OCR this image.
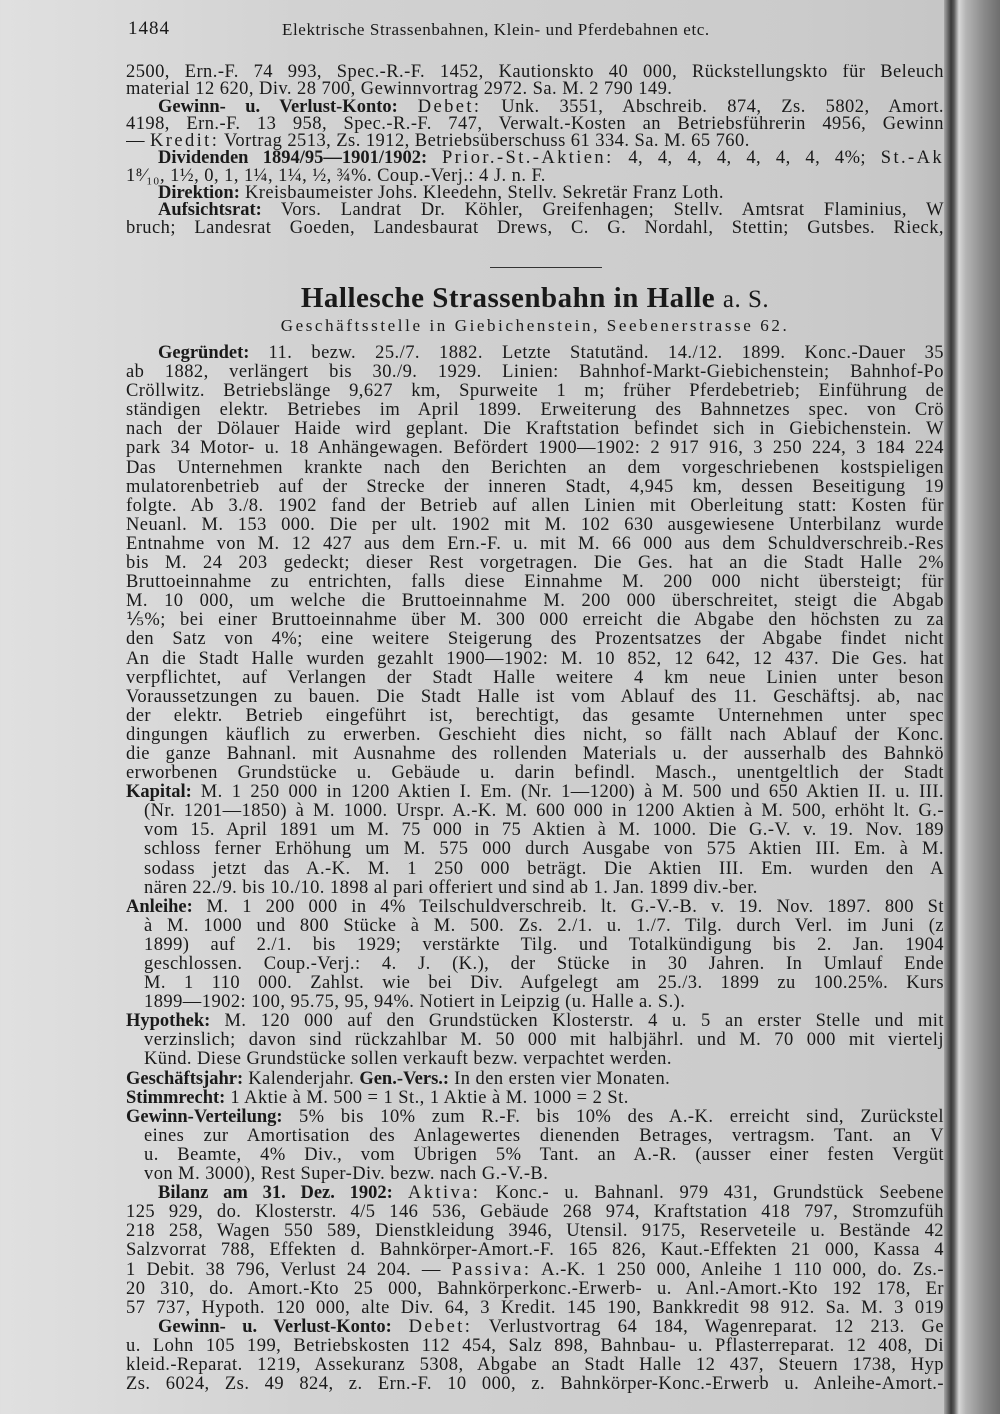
1484	Elektrische Strassenbahnen, Klein- und Pferdebahnen etc.
2500, Ern.-F. 74 993, Spec.-R.-F. 1452, Kautionskto 40 000, Rückstellungskto für Beleuch
material 12 620, Div. 28 700, Gewinnvortrag 2972. Sa. M. 2 790 149.
Gewinn- u. Verlust-Konto: Debet: Unk. 3551, Abschreib. 874, Zs. 5802, Amort.
4198, Ern.-F. 13 958, Spec.-R.-F. 747, Verwalt.-Kosten an Betriebsführerin 4956, Gewinn
— Kredit: Vortrag 2513, Zs. 1912, Betriebsüberschuss 61 334. Sa. M. 65 760.
Dividenden 1894/95—1901/1902: Prior.-St.-Aktien: 4, 4, 4, 4, 4, 4, 4, 4%; St.-Ak
1⁸⁄₁₀, 1½, 0, 1, 1¼, 1¼, ½, ¾%. Coup.-Verj.: 4 J. n. F.
Direktion: Kreisbaumeister Johs. Kleedehn, Stellv. Sekretär Franz Loth.
Aufsichtsrat: Vors. Landrat Dr. Köhler, Greifenhagen; Stellv. Amtsrat Flaminius, W
bruch; Landesrat Goeden, Landesbaurat Drews, C. G. Nordahl, Stettin; Gutsbes. Rieck,
Hallesche Strassenbahn in Halle a. S.
Geschäftsstelle in Giebichenstein, Seebenerstrasse 62.
Gegründet: 11. bezw. 25./7. 1882. Letzte Statutänd. 14./12. 1899. Konc.-Dauer 35
ab 1882, verlängert bis 30./9. 1929. Linien: Bahnhof-Markt-Giebichenstein; Bahnhof-Po
Cröllwitz. Betriebslänge 9,627 km, Spurweite 1 m; früher Pferdebetrieb; Einführung de
ständigen elektr. Betriebes im April 1899. Erweiterung des Bahnnetzes spec. von Crö
nach der Dölauer Haide wird geplant. Die Kraftstation befindet sich in Giebichenstein. W
park 34 Motor- u. 18 Anhängewagen. Befördert 1900—1902: 2 917 916, 3 250 224, 3 184 224
Das Unternehmen krankte nach den Berichten an dem vorgeschriebenen kostspieligen
mulatorenbetrieb auf der Strecke der inneren Stadt, 4,945 km, dessen Beseitigung 19
folgte. Ab 3./8. 1902 fand der Betrieb auf allen Linien mit Oberleitung statt: Kosten für
Neuanl. M. 153 000. Die per ult. 1902 mit M. 102 630 ausgewiesene Unterbilanz wurde
Entnahme von M. 12 427 aus dem Ern.-F. u. mit M. 66 000 aus dem Schuldverschreib.-Res
bis M. 24 203 gedeckt; dieser Rest vorgetragen. Die Ges. hat an die Stadt Halle 2%
Bruttoeinnahme zu entrichten, falls diese Einnahme M. 200 000 nicht übersteigt; für
M. 10 000, um welche die Bruttoeinnahme M. 200 000 überschreitet, steigt die Abgab
⅕%; bei einer Bruttoeinnahme über M. 300 000 erreicht die Abgabe den höchsten zu za
den Satz von 4%; eine weitere Steigerung des Prozentsatzes der Abgabe findet nicht
An die Stadt Halle wurden gezahlt 1900—1902: M. 10 852, 12 642, 12 437. Die Ges. hat
verpflichtet, auf Verlangen der Stadt Halle weitere 4 km neue Linien unter beson
Voraussetzungen zu bauen. Die Stadt Halle ist vom Ablauf des 11. Geschäftsj. ab, nac
der elektr. Betrieb eingeführt ist, berechtigt, das gesamte Unternehmen unter spec
dingungen käuflich zu erwerben. Geschieht dies nicht, so fällt nach Ablauf der Konc.
die ganze Bahnanl. mit Ausnahme des rollenden Materials u. der ausserhalb des Bahnkö
erworbenen Grundstücke u. Gebäude u. darin befindl. Masch., unentgeltlich der Stadt
Kapital: M. 1 250 000 in 1200 Aktien I. Em. (Nr. 1—1200) à M. 500 und 650 Aktien II. u. III.
(Nr. 1201—1850) à M. 1000. Urspr. A.-K. M. 600 000 in 1200 Aktien à M. 500, erhöht lt. G.-
vom 15. April 1891 um M. 75 000 in 75 Aktien à M. 1000. Die G.-V. v. 19. Nov. 189
schloss ferner Erhöhung um M. 575 000 durch Ausgabe von 575 Aktien III. Em. à M.
sodass jetzt das A.-K. M. 1 250 000 beträgt. Die Aktien III. Em. wurden den A
nären 22./9. bis 10./10. 1898 al pari offeriert und sind ab 1. Jan. 1899 div.-ber.
Anleihe: M. 1 200 000 in 4% Teilschuldverschreib. lt. G.-V.-B. v. 19. Nov. 1897. 800 St
à M. 1000 und 800 Stücke à M. 500. Zs. 2./1. u. 1./7. Tilg. durch Verl. im Juni (z
1899) auf 2./1. bis 1929; verstärkte Tilg. und Totalkündigung bis 2. Jan. 1904
geschlossen. Coup.-Verj.: 4. J. (K.), der Stücke in 30 Jahren. In Umlauf Ende
M. 1 110 000. Zahlst. wie bei Div. Aufgelegt am 25./3. 1899 zu 100.25%. Kurs
1899—1902: 100, 95.75, 95, 94%. Notiert in Leipzig (u. Halle a. S.).
Hypothek: M. 120 000 auf den Grundstücken Klosterstr. 4 u. 5 an erster Stelle und mit
verzinslich; davon sind rückzahlbar M. 50 000 mit halbjährl. und M. 70 000 mit viertelj
Künd. Diese Grundstücke sollen verkauft bezw. verpachtet werden.
Geschäftsjahr: Kalenderjahr. Gen.-Vers.: In den ersten vier Monaten.
Stimmrecht: 1 Aktie à M. 500 = 1 St., 1 Aktie à M. 1000 = 2 St.
Gewinn-Verteilung: 5% bis 10% zum R.-F. bis 10% des A.-K. erreicht sind, Zurückstel
eines zur Amortisation des Anlagewertes dienenden Betrages, vertragsm. Tant. an V
u. Beamte, 4% Div., vom Übrigen 5% Tant. an A.-R. (ausser einer festen Vergüt
von M. 3000), Rest Super-Div. bezw. nach G.-V.-B.
Bilanz am 31. Dez. 1902: Aktiva: Konc.- u. Bahnanl. 979 431, Grundstück Seebene
125 929, do. Klosterstr. 4/5 146 536, Gebäude 268 974, Kraftstation 418 797, Stromzufüh
218 258, Wagen 550 589, Dienstkleidung 3946, Utensil. 9175, Reserveteile u. Bestände 42
Salzvorrat 788, Effekten d. Bahnkörper-Amort.-F. 165 826, Kaut.-Effekten 21 000, Kassa 4
1 Debit. 38 796, Verlust 24 204. — Passiva: A.-K. 1 250 000, Anleihe 1 110 000, do. Zs.-
20 310, do. Amort.-Kto 25 000, Bahnkörperkonc.-Erwerb- u. Anl.-Amort.-Kto 192 178, Er
57 737, Hypoth. 120 000, alte Div. 64, 3 Kredit. 145 190, Bankkredit 98 912. Sa. M. 3 019
Gewinn- u. Verlust-Konto: Debet: Verlustvortrag 64 184, Wagenreparat. 12 213. Ge
u. Lohn 105 199, Betriebskosten 112 454, Salz 898, Bahnbau- u. Pflasterreparat. 12 408, Di
kleid.-Reparat. 1219, Assekuranz 5308, Abgabe an Stadt Halle 12 437, Steuern 1738, Hyp
Zs. 6024, Zs. 49 824, z. Ern.-F. 10 000, z. Bahnkörper-Konc.-Erwerb u. Anleihe-Amort.-
